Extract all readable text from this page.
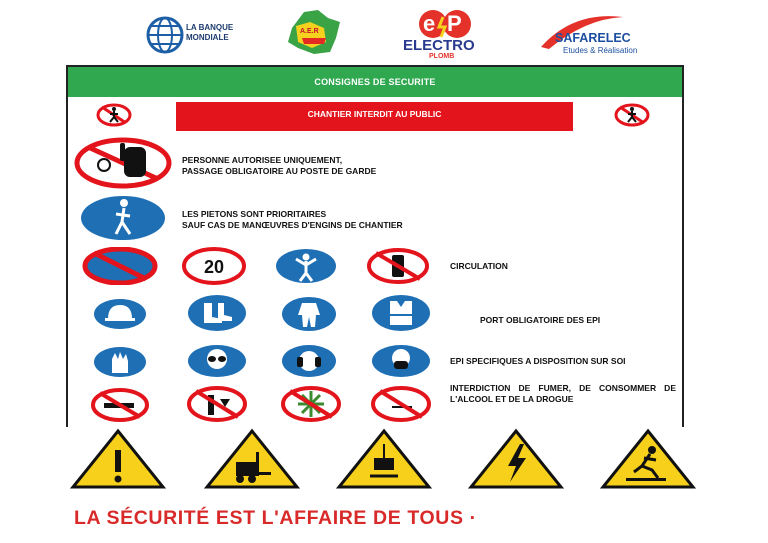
LA BANQUE
MONDIALE
A.E.R	e P
ELECTRO
PLOMB
SAFARELEC
Etudes & Réalisation
CONSIGNES DE SECURITE
CHANTIER INTERDIT AU PUBLIC
PERSONNE AUTORISEE UNIQUEMENT,
PASSAGE OBLIGATOIRE AU POSTE DE GARDE
LES PIETONS SONT PRIORITAIRES
SAUF CAS DE MANŒUVRES D'ENGINS DE CHANTIER
20	CIRCULATION
PORT OBLIGATOIRE DES EPI
EPI SPECIFIQUES A DISPOSITION SUR SOI
INTERDICTION DE FUMER, DE CONSOMMER DE L'ALCOOL ET DE LA DROGUE
LA SÉCURITÉ EST L'AFFAIRE DE TOUS ·
